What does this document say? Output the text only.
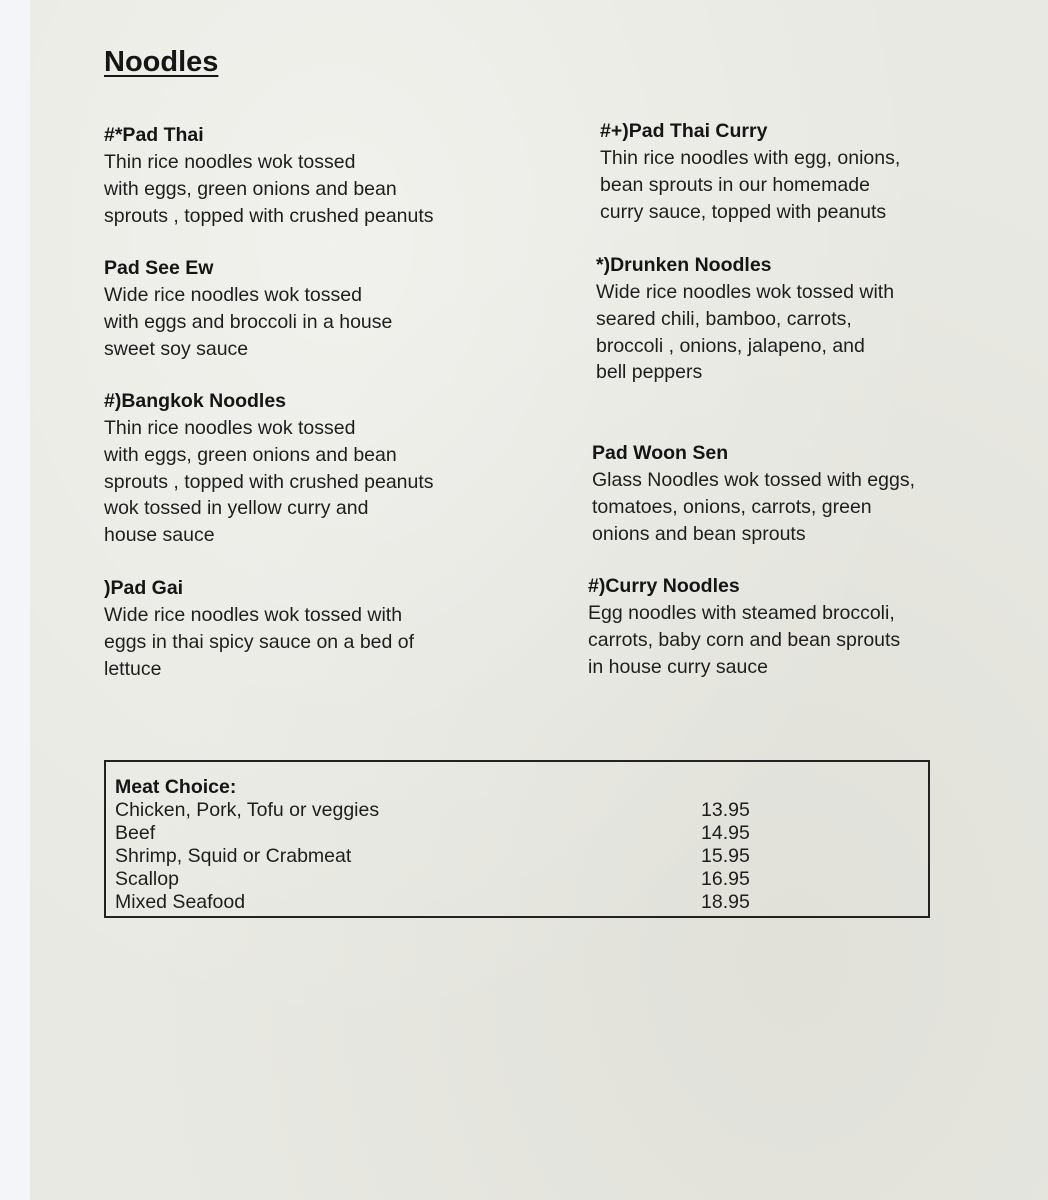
Noodles
#*Pad Thai
Thin rice noodles wok tossed
with eggs, green onions and bean
sprouts , topped with crushed peanuts
Pad See Ew
Wide rice noodles wok tossed
with eggs and broccoli in a house
sweet soy sauce
#)Bangkok Noodles
Thin rice noodles wok tossed
with eggs, green onions and bean
sprouts , topped with crushed peanuts
wok tossed in yellow curry and
house sauce
)Pad Gai
Wide rice noodles wok tossed with
eggs in thai spicy sauce on a bed of
lettuce
#+)Pad Thai Curry
Thin rice noodles with egg, onions,
bean sprouts in our homemade
curry sauce, topped with peanuts
*)Drunken Noodles
Wide rice noodles wok tossed with
seared chili, bamboo, carrots,
broccoli , onions, jalapeno, and
bell peppers
Pad Woon Sen
Glass Noodles wok tossed with eggs,
tomatoes, onions, carrots, green
onions and bean sprouts
#)Curry Noodles
Egg noodles with steamed broccoli,
carrots, baby corn and bean sprouts
in house curry sauce
Meat Choice:
Chicken, Pork, Tofu or veggies	13.95
Beef	14.95
Shrimp, Squid or Crabmeat	15.95
Scallop	16.95
Mixed Seafood	18.95
